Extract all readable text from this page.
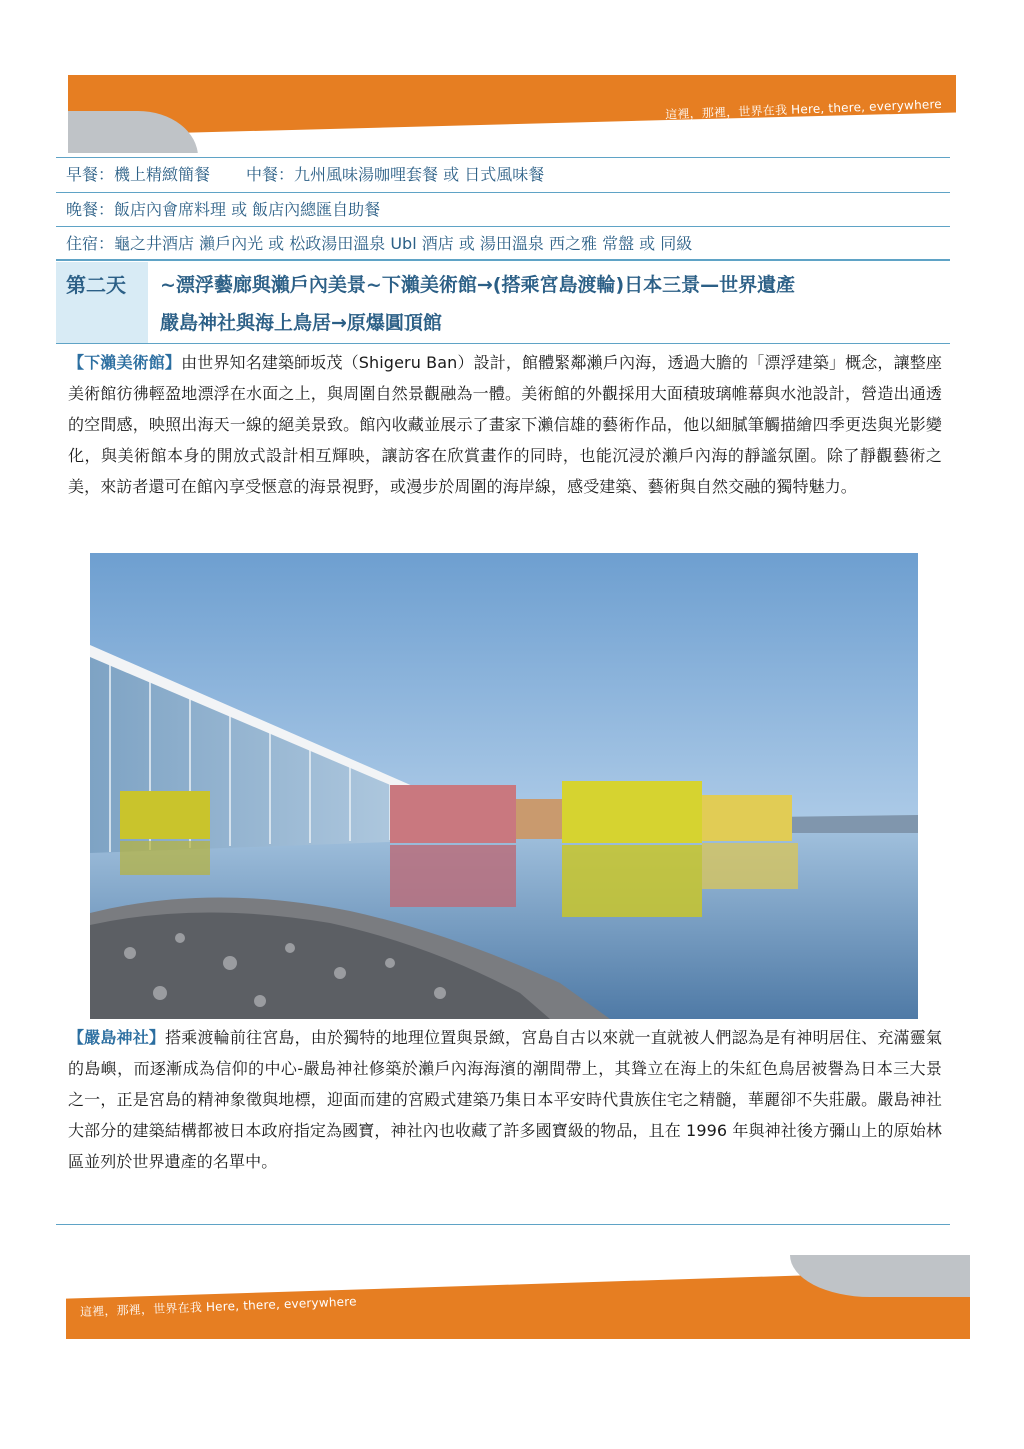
這裡，那裡，世界在我 Here, there, everywhere
早餐：機上精緻簡餐 中餐：九州風味湯咖哩套餐 或 日式風味餐
晚餐：飯店內會席料理 或 飯店內總匯自助餐
住宿：龜之井酒店 瀨戶內光 或 松政湯田溫泉 Ubl 酒店 或 湯田溫泉 西之雅 常盤 或 同級
第二天 ~漂浮藝廊與瀨戶內美景~下瀨美術館→(搭乘宮島渡輪)日本三景—世界遺產
嚴島神社與海上鳥居→原爆圓頂館
【下瀨美術館】由世界知名建築師坂茂（Shigeru Ban）設計，館體緊鄰瀨戶內海，透過大膽的「漂浮建築」概念，讓整座美術館彷彿輕盈地漂浮在水面之上，與周圍自然景觀融為一體。美術館的外觀採用大面積玻璃帷幕與水池設計，營造出通透的空間感，映照出海天一線的絕美景致。館內收藏並展示了畫家下瀨信雄的藝術作品，他以細膩筆觸描繪四季更迭與光影變化，與美術館本身的開放式設計相互輝映，讓訪客在欣賞畫作的同時，也能沉浸於瀨戶內海的靜謐氛圍。除了靜觀藝術之美，來訪者還可在館內享受愜意的海景視野，或漫步於周圍的海岸線，感受建築、藝術與自然交融的獨特魅力。
【嚴島神社】搭乘渡輪前往宮島，由於獨特的地理位置與景緻，宮島自古以來就一直就被人們認為是有神明居住、充滿靈氣的島嶼，而逐漸成為信仰的中心-嚴島神社修築於瀨戶內海海濱的潮間帶上，其聳立在海上的朱紅色鳥居被譽為日本三大景之一，正是宮島的精神象徵與地標，迎面而建的宮殿式建築乃集日本平安時代貴族住宅之精髓，華麗卻不失莊嚴。嚴島神社大部分的建築結構都被日本政府指定為國寶，神社內也收藏了許多國寶級的物品，且在 1996 年與神社後方彌山上的原始林區並列於世界遺產的名單中。
這裡，那裡，世界在我 Here, there, everywhere
